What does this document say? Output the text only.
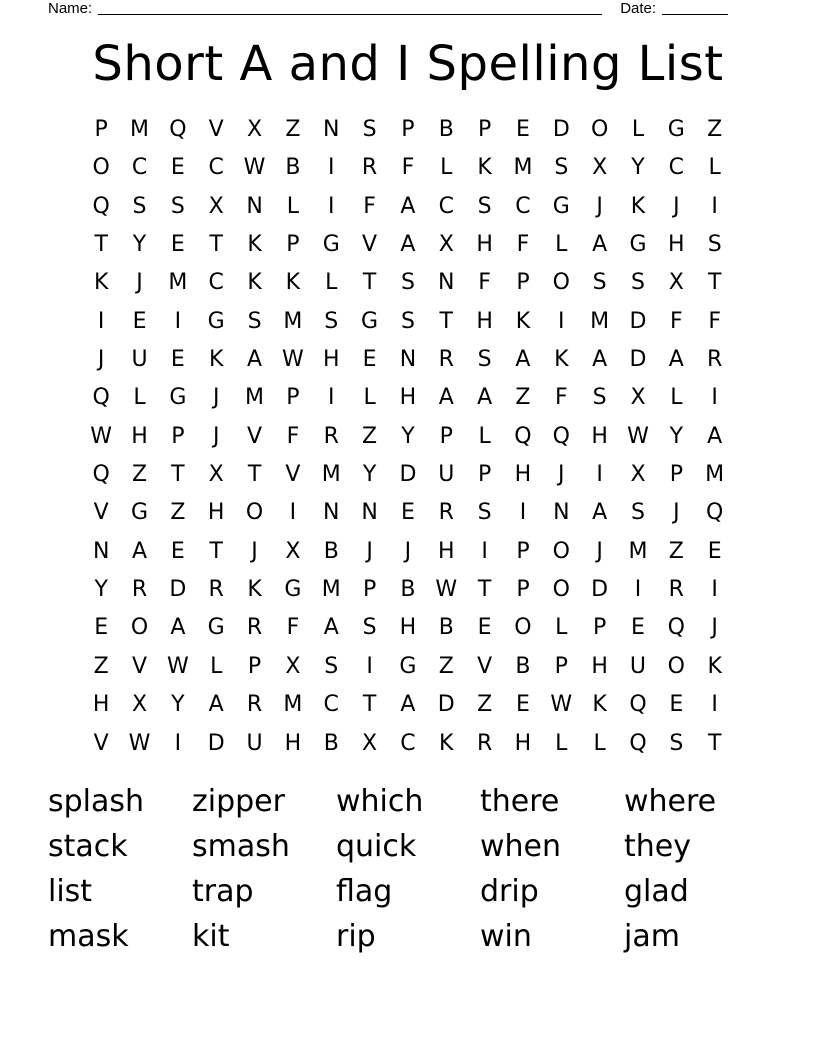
Name:	Date:
Short A and I Spelling List
P	M Q	V	X	Z	N	S	P	B	P	E	D O	L	G	Z
O	C	E	C W B	I	R	F	L	K M S	X	Y	C	L
Q	S	S	X	N	L	I	F	A	C	S	C	G	J	K	J	I
T	Y	E	T	K	P	G	V	A	X	H	F	L	A	G H	S
K	J	M C	K	K	L	T	S	N	F	P	O	S	S	X	T
I	E	I	G	S M S	G	S	T	H	K	I	M D	F	F
J	U	E	K	A W H	E	N	R	S	A	K	A	D	A	R
Q	L	G	J	M	P	I	L	H	A	A	Z	F	S	X	L	I
W H	P	J	V	F	R	Z	Y	P	L	Q Q H W Y	A
Q	Z	T	X	T	V M	Y	D U	P	H	J	I	X	P	M
V	G	Z	H O	I	N N	E	R	S	I	N	A	S	J	Q
N	A	E	T	J	X	B	J	J	H	I	P	O	J	M Z	E
Y	R	D	R	K	G M	P	B W T	P	O D	I	R	I
E	O	A	G	R	F	A	S	H	B	E	O	L	P	E	Q	J
Z	V W L	P	X	S	I	G	Z	V	B	P	H	U O	K
H	X	Y	A	R M C	T	A	D	Z	E W K	Q	E	I
V W	I	D U	H	B	X	C	K	R	H	L	L	Q	S	T
splash	zipper	which	there	where
stack	smash	quick	when	they
list	trap	flag	drip	glad
mask	kit	rip	win	jam
